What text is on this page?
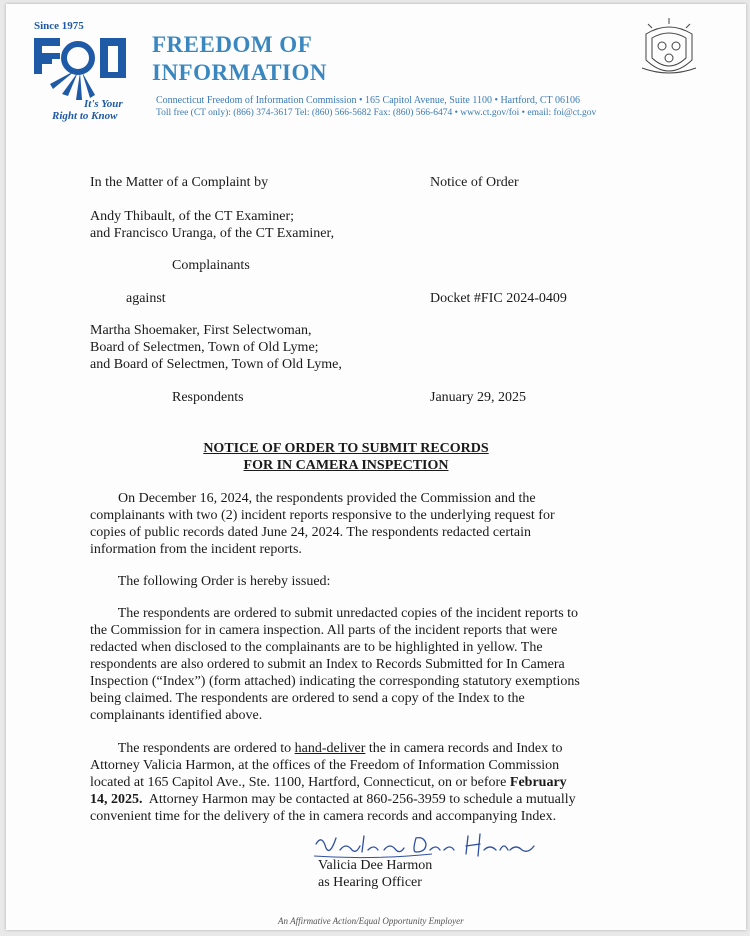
Since 1975
It's Your
Right to Know
FREEDOM OF
INFORMATION
Connecticut Freedom of Information Commission • 165 Capitol Avenue, Suite 1100 • Hartford, CT 06106
Toll free (CT only): (866) 374-3617 Tel: (860) 566-5682 Fax: (860) 566-6474 • www.ct.gov/foi • email: foi@ct.gov
In the Matter of a Complaint by	Notice of Order
Andy Thibault, of the CT Examiner;
and Francisco Uranga, of the CT Examiner,
Complainants
against	Docket #FIC 2024-0409
Martha Shoemaker, First Selectwoman,
Board of Selectmen, Town of Old Lyme;
and Board of Selectmen, Town of Old Lyme,
Respondents	January 29, 2025
NOTICE OF ORDER TO SUBMIT RECORDS
FOR IN CAMERA INSPECTION
On December 16, 2024, the respondents provided the Commission and the
complainants with two (2) incident reports responsive to the underlying request for
copies of public records dated June 24, 2024. The respondents redacted certain
information from the incident reports.
The following Order is hereby issued:
The respondents are ordered to submit unredacted copies of the incident reports to
the Commission for in camera inspection. All parts of the incident reports that were
redacted when disclosed to the complainants are to be highlighted in yellow. The
respondents are also ordered to submit an Index to Records Submitted for In Camera
Inspection (“Index”) (form attached) indicating the corresponding statutory exemptions
being claimed. The respondents are ordered to send a copy of the Index to the
complainants identified above.
The respondents are ordered to hand-deliver the in camera records and Index to
Attorney Valicia Harmon, at the offices of the Freedom of Information Commission
located at 165 Capitol Ave., Ste. 1100, Hartford, Connecticut, on or before February
14, 2025.  Attorney Harmon may be contacted at 860-256-3959 to schedule a mutually
convenient time for the delivery of the in camera records and accompanying Index.
Valicia Dee Harmon
as Hearing Officer
An Affirmative Action/Equal Opportunity Employer
